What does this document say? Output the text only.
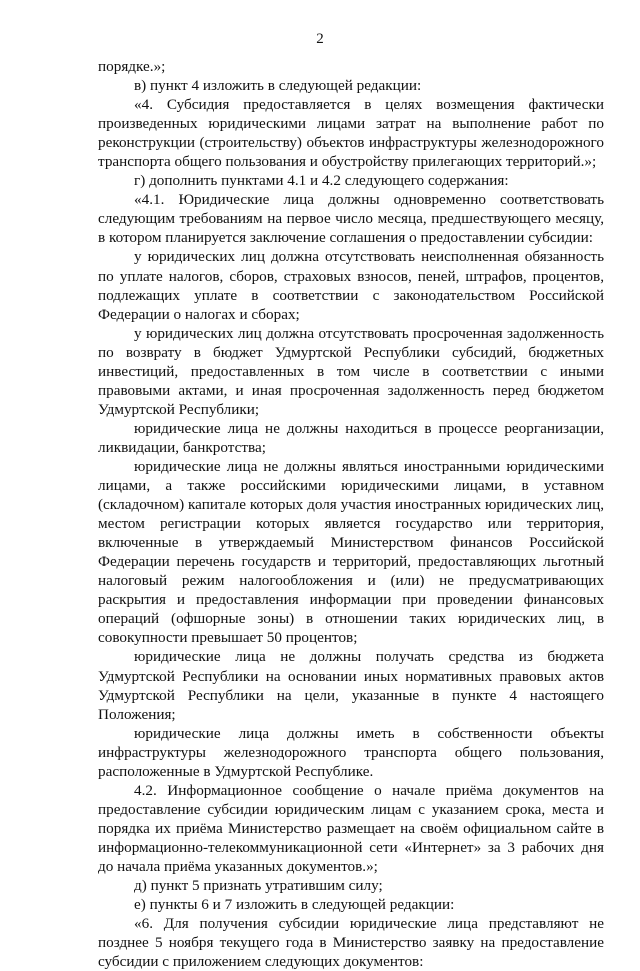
2

порядке.»;

в) пункт 4 изложить в следующей редакции:

«4. Субсидия предоставляется в целях возмещения фактически произведенных юридическими лицами затрат на выполнение работ по реконструкции (строительству) объектов инфраструктуры железнодорожного транспорта общего пользования и обустройству прилегающих территорий.»;

г) дополнить пунктами 4.1 и 4.2 следующего содержания:

«4.1. Юридические лица должны одновременно соответствовать следующим требованиям на первое число месяца, предшествующего месяцу, в котором планируется заключение соглашения о предоставлении субсидии:

у юридических лиц должна отсутствовать неисполненная обязанность по уплате налогов, сборов, страховых взносов, пеней, штрафов, процентов, подлежащих уплате в соответствии с законодательством Российской Федерации о налогах и сборах;

у юридических лиц должна отсутствовать просроченная задолженность по возврату в бюджет Удмуртской Республики субсидий, бюджетных инвестиций, предоставленных в том числе в соответствии с иными правовыми актами, и иная просроченная задолженность перед бюджетом Удмуртской Республики;

юридические лица не должны находиться в процессе реорганизации, ликвидации, банкротства;

юридические лица не должны являться иностранными юридическими лицами, а также российскими юридическими лицами, в уставном (складочном) капитале которых доля участия иностранных юридических лиц, местом регистрации которых является государство или территория, включенные в утверждаемый Министерством финансов Российской Федерации перечень государств и территорий, предоставляющих льготный налоговый режим налогообложения и (или) не предусматривающих раскрытия и предоставления информации при проведении финансовых операций (офшорные зоны) в отношении таких юридических лиц, в совокупности превышает 50 процентов;

юридические лица не должны получать средства из бюджета Удмуртской Республики на основании иных нормативных правовых актов Удмуртской Республики на цели, указанные в пункте 4 настоящего Положения;

юридические лица должны иметь в собственности объекты инфраструктуры железнодорожного транспорта общего пользования, расположенные в Удмуртской Республике.

4.2. Информационное сообщение о начале приёма документов на предоставление субсидии юридическим лицам с указанием срока, места и порядка их приёма Министерство размещает на своём официальном сайте в информационно-телекоммуникационной сети «Интернет» за 3 рабочих дня до начала приёма указанных документов.»;

д) пункт 5 признать утратившим силу;

е) пункты 6 и 7 изложить в следующей редакции:

«6. Для получения субсидии юридические лица представляют не позднее 5 ноября текущего года в Министерство заявку на предоставление субсидии с приложением следующих документов:
